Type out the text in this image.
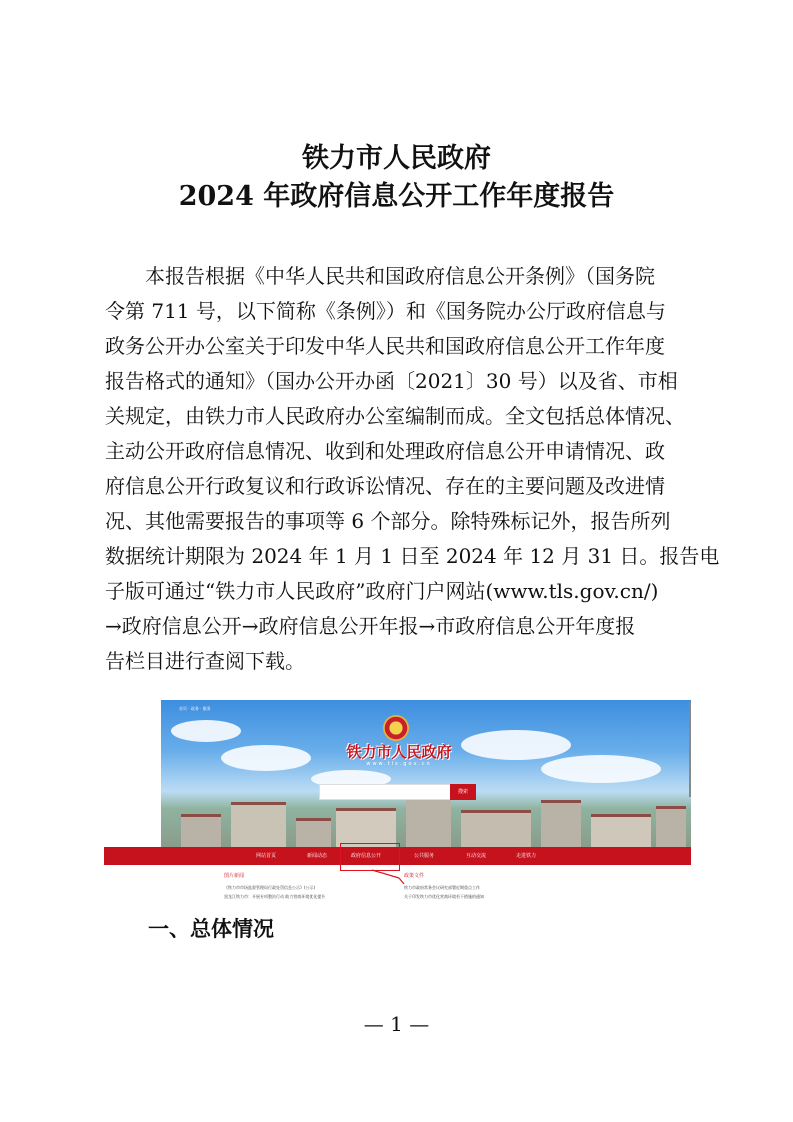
铁力市人民政府
2024 年政府信息公开工作年度报告
　　本报告根据《中华人民共和国政府信息公开条例》（国务院
令第 711 号，以下简称《条例》）和《国务院办公厅政府信息与
政务公开办公室关于印发中华人民共和国政府信息公开工作年度
报告格式的通知》（国办公开办函〔2021〕30 号）以及省、市相
关规定，由铁力市人民政府办公室编制而成。全文包括总体情况、
主动公开政府信息情况、收到和处理政府信息公开申请情况、政
府信息公开行政复议和行政诉讼情况、存在的主要问题及改进情
况、其他需要报告的事项等 6 个部分。除特殊标记外，报告所列
数据统计期限为 2024 年 1 月 1 日至 2024 年 12 月 31 日。报告电
子版可通过“铁力市人民政府”政府门户网站(www.tls.gov.cn/)
→政府信息公开→政府信息公开年报→市政府信息公开年度报
告栏目进行查阅下载。
首页 · 政务 · 服务
铁力市人民政府
www.tls.gov.cn
搜索
网站首页	新闻动态	政府信息公开	公共服务	互动交流	走进铁力
图片新闻	政策文件
《铁力市市场监督管理局行政处罚信息公示》(公示)
黑龙江铁力市：开展专项整治行动 助力营商环境优化提升
铁力市政府常务会议研究部署近期重点工作
关于印发铁力市优化营商环境若干措施的通知
一、总体情况
— 1 —
